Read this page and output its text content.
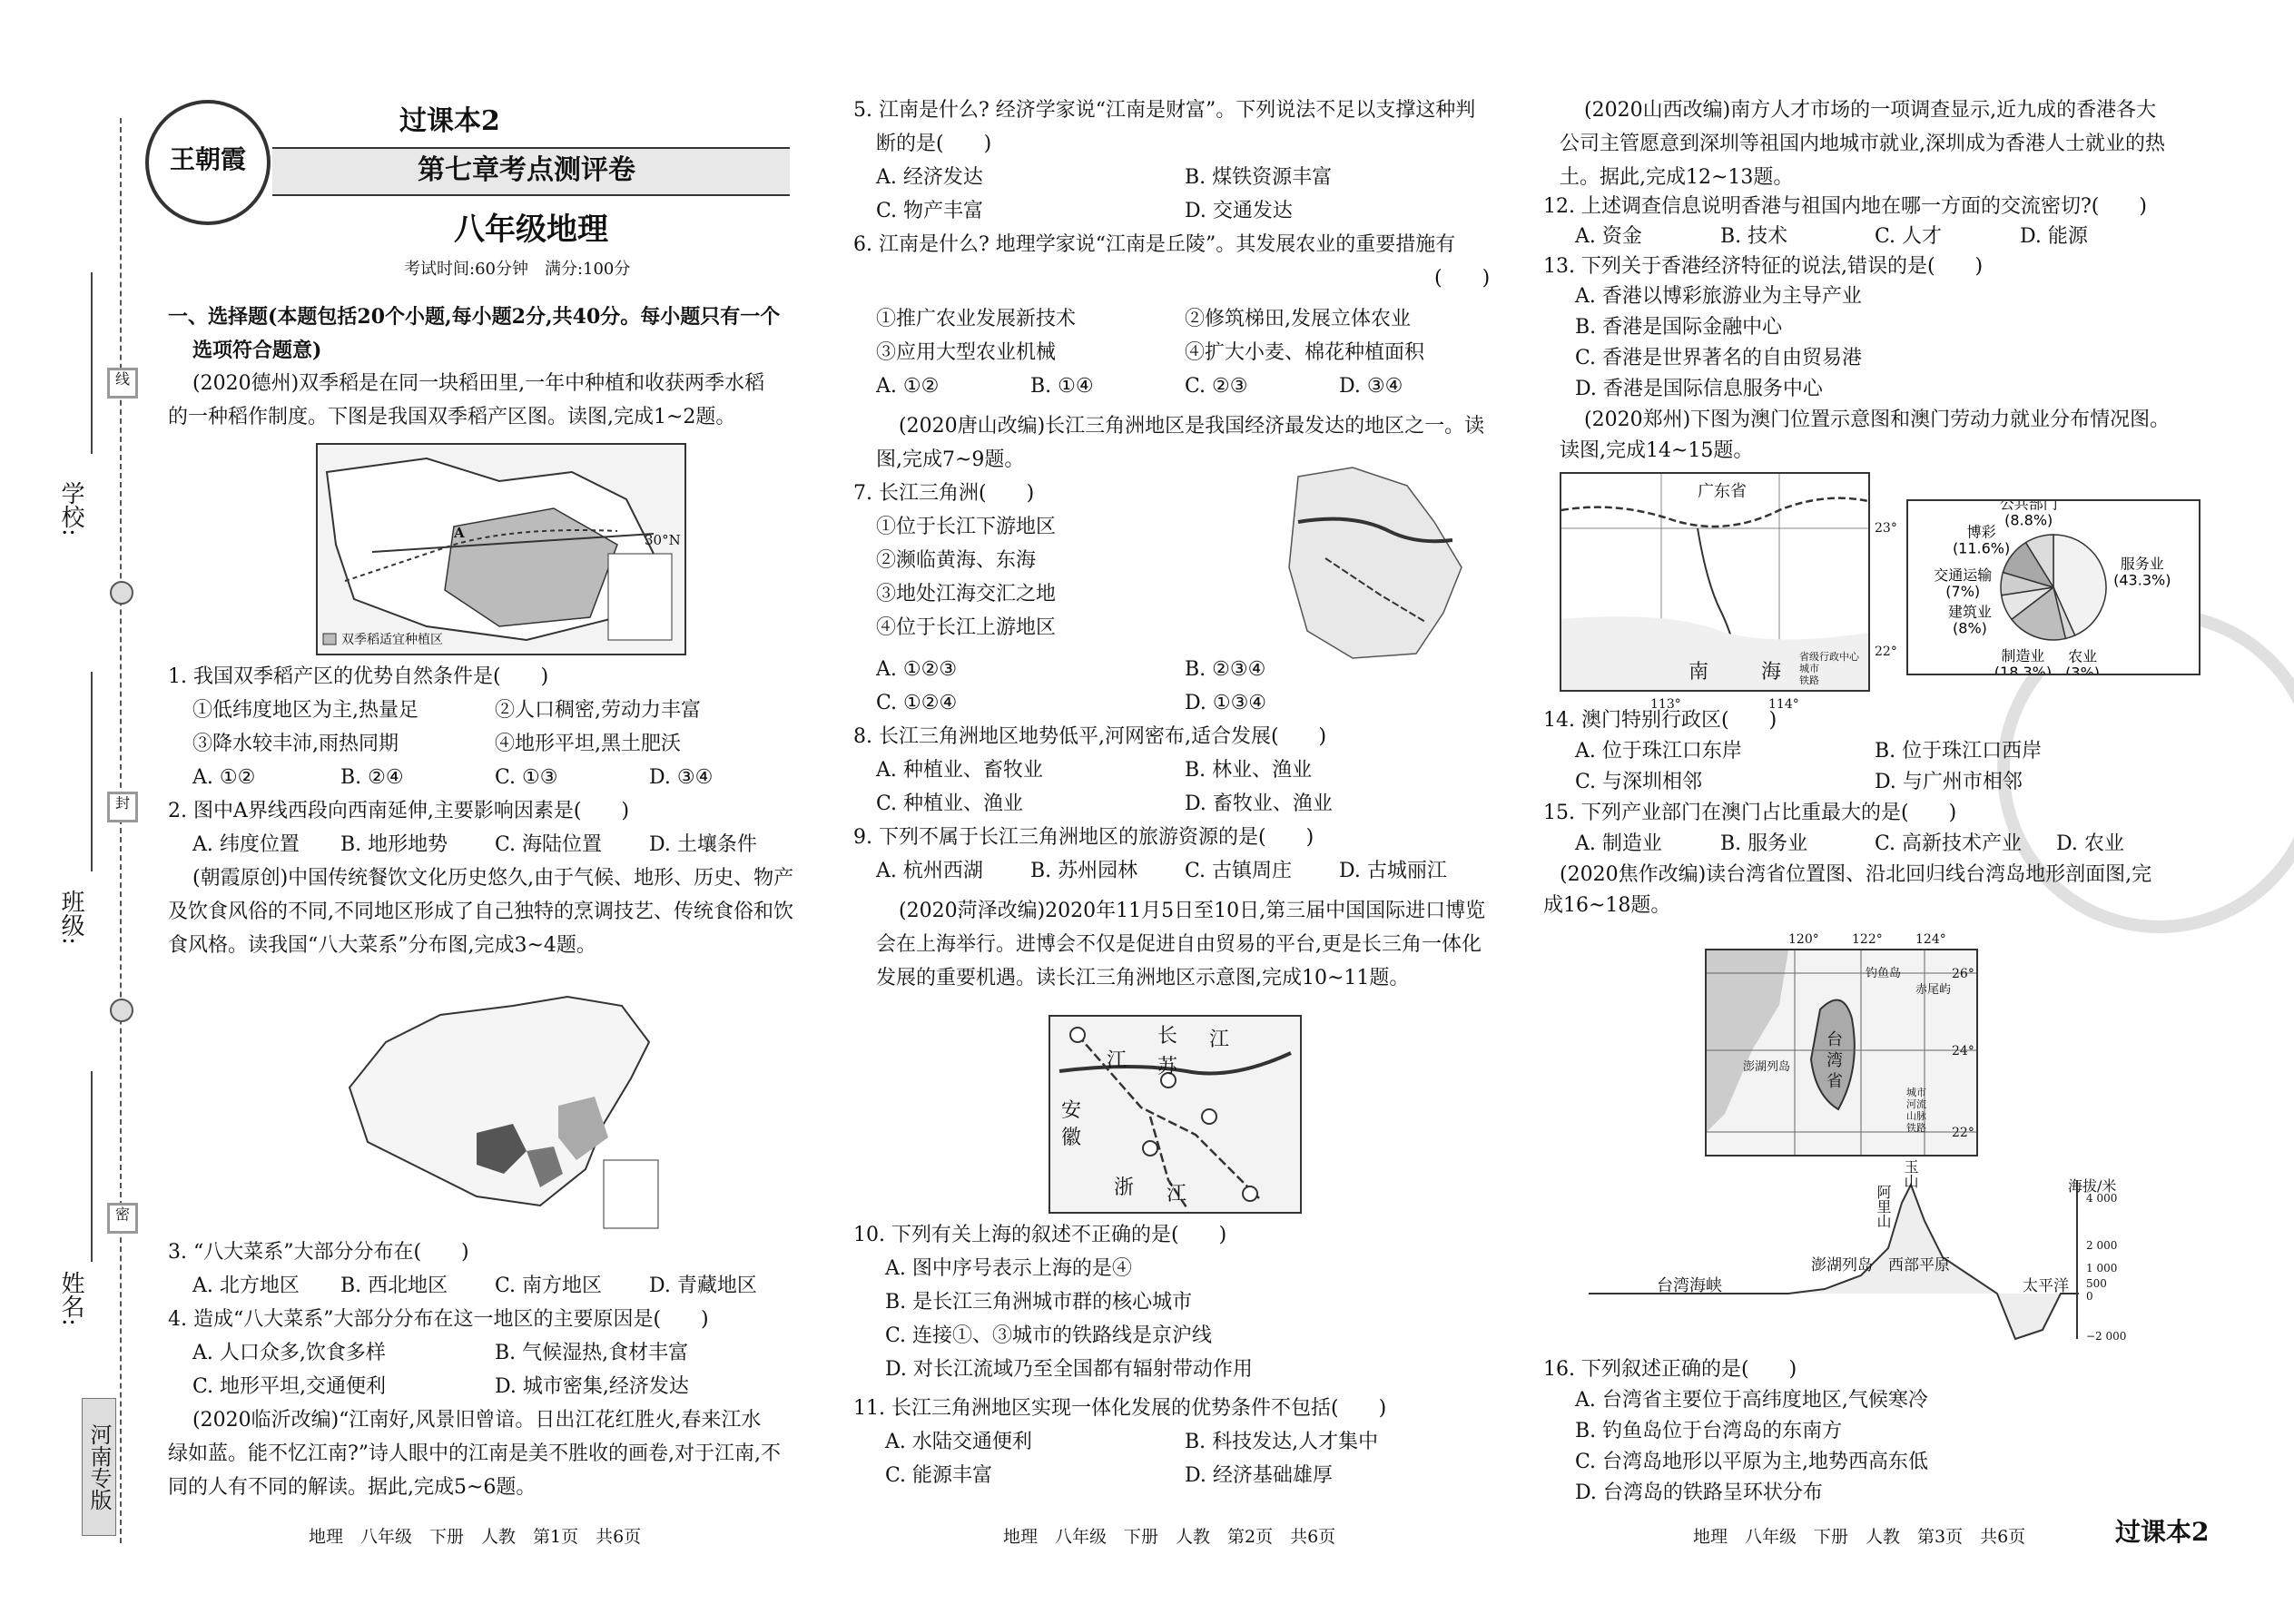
学校:
班级:
姓名:
线
封
密
河南专版
王朝霞
过课本2
第七章考点测评卷
八年级地理
考试时间:60分钟　满分:100分
一、选择题(本题包括20个小题,每小题2分,共40分。每小题只有一个
选项符合题意)
(2020德州)双季稻是在同一块稻田里,一年中种植和收获两季水稻
的一种稻作制度。下图是我国双季稻产区图。读图,完成1~2题。
30°N
A
双季稻适宜种植区
1. 我国双季稻产区的优势自然条件是(　　)
①低纬度地区为主,热量足	②人口稠密,劳动力丰富
③降水较丰沛,雨热同期	④地形平坦,黑土肥沃
A. ①②	B. ②④	C. ①③	D. ③④
2. 图中A界线西段向西南延伸,主要影响因素是(　　)
A. 纬度位置 B. 地形地势 C. 海陆位置 D. 土壤条件
(朝霞原创)中国传统餐饮文化历史悠久,由于气候、地形、历史、物产
及饮食风俗的不同,不同地区形成了自己独特的烹调技艺、传统食俗和饮
食风格。读我国“八大菜系”分布图,完成3~4题。
3. “八大菜系”大部分分布在(　　)
A. 北方地区 B. 西北地区 C. 南方地区 D. 青藏地区
4. 造成“八大菜系”大部分分布在这一地区的主要原因是(　　)
A. 人口众多,饮食多样	B. 气候湿热,食材丰富
C. 地形平坦,交通便利	D. 城市密集,经济发达
(2020临沂改编)“江南好,风景旧曾谙。日出江花红胜火,春来江水
绿如蓝。能不忆江南?”诗人眼中的江南是美不胜收的画卷,对于江南,不
同的人有不同的解读。据此,完成5~6题。
地理　八年级　下册　人教　第1页　共6页
5. 江南是什么? 经济学家说“江南是财富”。下列说法不足以支撑这种判
断的是(　　)
A. 经济发达	B. 煤铁资源丰富
C. 物产丰富	D. 交通发达
6. 江南是什么? 地理学家说“江南是丘陵”。其发展农业的重要措施有
(　　)
①推广农业发展新技术	②修筑梯田,发展立体农业
③应用大型农业机械	④扩大小麦、棉花种植面积
A. ①②	B. ①④	C. ②③	D. ③④
(2020唐山改编)长江三角洲地区是我国经济最发达的地区之一。读
图,完成7~9题。
7. 长江三角洲(　　)
①位于长江下游地区
②濒临黄海、东海
③地处江海交汇之地
④位于长江上游地区
A. ①②③	B. ②③④
C. ①②④	D. ①③④
8. 长江三角洲地区地势低平,河网密布,适合发展(　　)
A. 种植业、畜牧业	B. 林业、渔业
C. 种植业、渔业	D. 畜牧业、渔业
9. 下列不属于长江三角洲地区的旅游资源的是(　　)
A. 杭州西湖 B. 苏州园林 C. 古镇周庄 D. 古城丽江
(2020菏泽改编)2020年11月5日至10日,第三届中国国际进口博览
会在上海举行。进博会不仅是促进自由贸易的平台,更是长三角一体化
发展的重要机遇。读长江三角洲地区示意图,完成10~11题。
江 苏
安
徽
浙 江
长 江
10. 下列有关上海的叙述不正确的是(　　)
A. 图中序号表示上海的是④
B. 是长江三角洲城市群的核心城市
C. 连接①、③城市的铁路线是京沪线
D. 对长江流域乃至全国都有辐射带动作用
11. 长江三角洲地区实现一体化发展的优势条件不包括(　　)
A. 水陆交通便利	B. 科技发达,人才集中
C. 能源丰富	D. 经济基础雄厚
地理　八年级　下册　人教　第2页　共6页
(2020山西改编)南方人才市场的一项调查显示,近九成的香港各大
公司主管愿意到深圳等祖国内地城市就业,深圳成为香港人士就业的热
土。据此,完成12~13题。
12. 上述调查信息说明香港与祖国内地在哪一方面的交流密切?(　　)
A. 资金	B. 技术	C. 人才	D. 能源
13. 下列关于香港经济特征的说法,错误的是(　　)
A. 香港以博彩旅游业为主导产业
B. 香港是国际金融中心
C. 香港是世界著名的自由贸易港
D. 香港是国际信息服务中心
(2020郑州)下图为澳门位置示意图和澳门劳动力就业分布情况图。
读图,完成14~15题。
广东省
23°
22°
113°	114°
南	海
省级行政中心
城市
铁路
服务业
(43.3%)
农业
(3%)
制造业
(18.3%)
建筑业
(8%)
交通运输
(7%)
博彩
(11.6%)
公共部门
(8.8%)
14. 澳门特别行政区(　　)
A. 位于珠江口东岸	B. 位于珠江口西岸
C. 与深圳相邻	D. 与广州市相邻
15. 下列产业部门在澳门占比重最大的是(　　)
A. 制造业	B. 服务业	C. 高新技术产业 D. 农业
(2020焦作改编)读台湾省位置图、沿北回归线台湾岛地形剖面图,完
成16~18题。
120°	122°	124°
26°
24°
22°
台
湾
省
钓鱼岛
赤尾屿
澎湖列岛
城市
河流
山脉
铁路
玉山
阿里山	海拔/米
台湾海峡
澎湖列岛 西部平原
太平洋
4 000
2 000
1 000
500
0
−2 000
16. 下列叙述正确的是(　　)
A. 台湾省主要位于高纬度地区,气候寒冷
B. 钓鱼岛位于台湾岛的东南方
C. 台湾岛地形以平原为主,地势西高东低
D. 台湾岛的铁路呈环状分布
地理　八年级　下册　人教　第3页　共6页	过课本2
